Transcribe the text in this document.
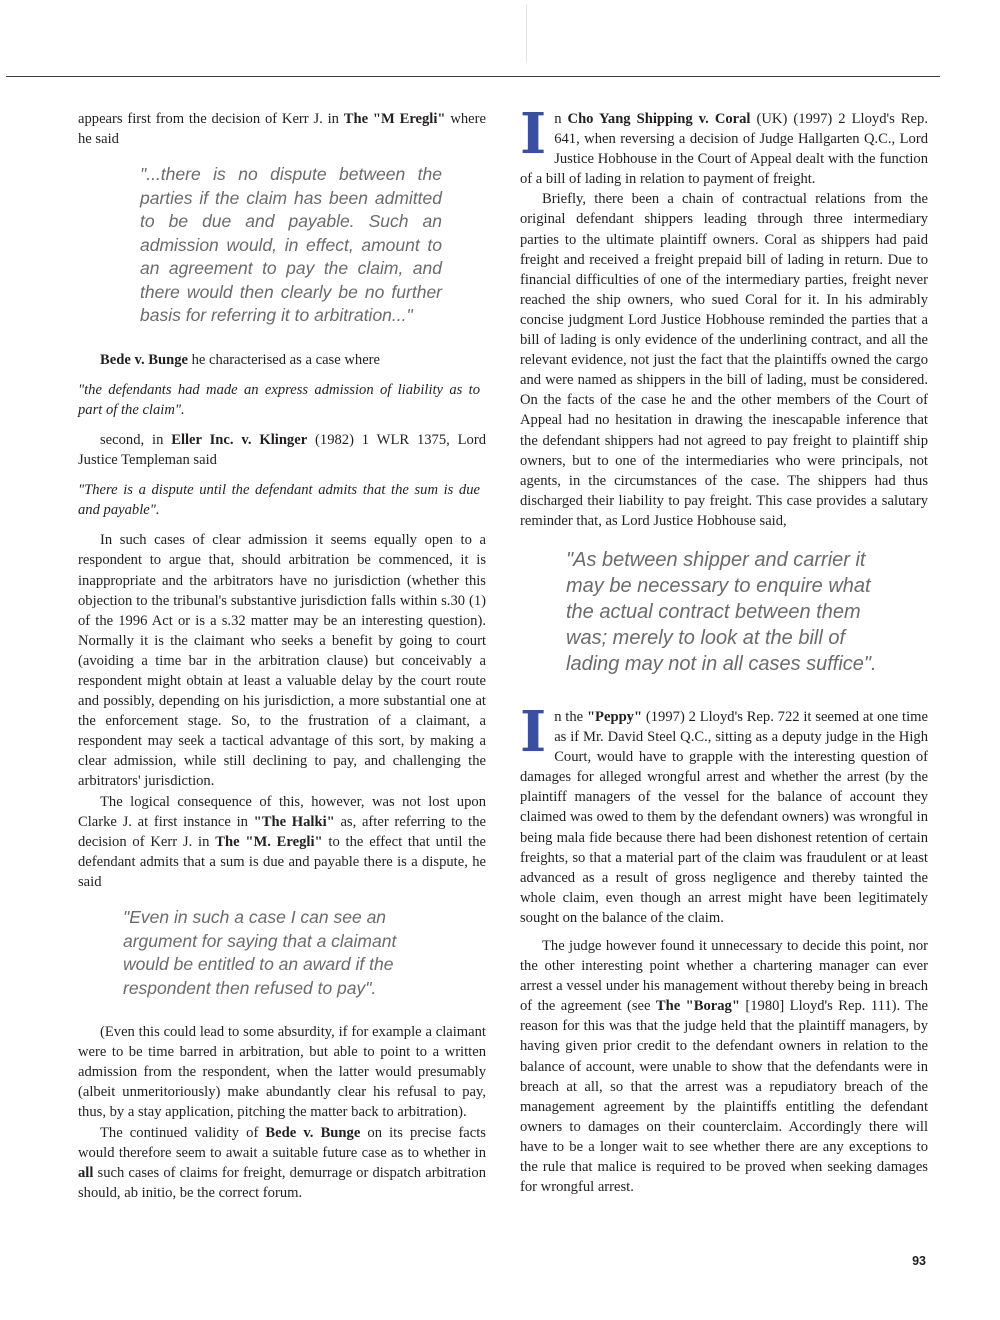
appears first from the decision of Kerr J. in The "M Eregli" where he said

"...there is no dispute between the parties if the claim has been admitted to be due and payable. Such an admission would, in effect, amount to an agreement to pay the claim, and there would then clearly be no further basis for referring it to arbitration..."

Bede v. Bunge he characterised as a case where

"the defendants had made an express admission of liability as to part of the claim".

second, in Eller Inc. v. Klinger (1982) 1 WLR 1375, Lord Justice Templeman said

"There is a dispute until the defendant admits that the sum is due and payable".

In such cases of clear admission it seems equally open to a respondent to argue that, should arbitration be commenced, it is inappropriate and the arbitrators have no jurisdiction (whether this objection to the tribunal's substantive jurisdiction falls within s.30 (1) of the 1996 Act or is a s.32 matter may be an interesting question). Normally it is the claimant who seeks a benefit by going to court (avoiding a time bar in the arbitration clause) but conceivably a respondent might obtain at least a valuable delay by the court route and possibly, depending on his jurisdiction, a more substantial one at the enforcement stage. So, to the frustration of a claimant, a respondent may seek a tactical advantage of this sort, by making a clear admission, while still declining to pay, and challenging the arbitrators' jurisdiction.

The logical consequence of this, however, was not lost upon Clarke J. at first instance in "The Halki" as, after referring to the decision of Kerr J. in The "M. Eregli" to the effect that until the defendant admits that a sum is due and payable there is a dispute, he said

"Even in such a case I can see an argument for saying that a claimant would be entitled to an award if the respondent then refused to pay".

(Even this could lead to some absurdity, if for example a claimant were to be time barred in arbitration, but able to point to a written admission from the respondent, when the latter would presumably (albeit unmeritoriously) make abundantly clear his refusal to pay, thus, by a stay application, pitching the matter back to arbitration).

The continued validity of Bede v. Bunge on its precise facts would therefore seem to await a suitable future case as to whether in all such cases of claims for freight, demurrage or dispatch arbitration should, ab initio, be the correct forum.

In Cho Yang Shipping v. Coral (UK) (1997) 2 Lloyd's Rep. 641, when reversing a decision of Judge Hallgarten Q.C., Lord Justice Hobhouse in the Court of Appeal dealt with the function of a bill of lading in relation to payment of freight.

Briefly, there been a chain of contractual relations from the original defendant shippers leading through three intermediary parties to the ultimate plaintiff owners. Coral as shippers had paid freight and received a freight prepaid bill of lading in return. Due to financial difficulties of one of the intermediary parties, freight never reached the ship owners, who sued Coral for it. In his admirably concise judgment Lord Justice Hobhouse reminded the parties that a bill of lading is only evidence of the underlining contract, and all the relevant evidence, not just the fact that the plaintiffs owned the cargo and were named as shippers in the bill of lading, must be considered. On the facts of the case he and the other members of the Court of Appeal had no hesitation in drawing the inescapable inference that the defendant shippers had not agreed to pay freight to plaintiff ship owners, but to one of the intermediaries who were principals, not agents, in the circumstances of the case. The shippers had thus discharged their liability to pay freight. This case provides a salutary reminder that, as Lord Justice Hobhouse said,

"As between shipper and carrier it may be necessary to enquire what the actual contract between them was; merely to look at the bill of lading may not in all cases suffice".

In the "Peppy" (1997) 2 Lloyd's Rep. 722 it seemed at one time as if Mr. David Steel Q.C., sitting as a deputy judge in the High Court, would have to grapple with the interesting question of damages for alleged wrongful arrest and whether the arrest (by the plaintiff managers of the vessel for the balance of account they claimed was owed to them by the defendant owners) was wrongful in being mala fide because there had been dishonest retention of certain freights, so that a material part of the claim was fraudulent or at least advanced as a result of gross negligence and thereby tainted the whole claim, even though an arrest might have been legitimately sought on the balance of the claim.

The judge however found it unnecessary to decide this point, nor the other interesting point whether a chartering manager can ever arrest a vessel under his management without thereby being in breach of the agreement (see The "Borag" [1980] Lloyd's Rep. 111). The reason for this was that the judge held that the plaintiff managers, by having given prior credit to the defendant owners in relation to the balance of account, were unable to show that the defendants were in breach at all, so that the arrest was a repudiatory breach of the management agreement by the plaintiffs entitling the defendant owners to damages on their counterclaim. Accordingly there will have to be a longer wait to see whether there are any exceptions to the rule that malice is required to be proved when seeking damages for wrongful arrest.

93
